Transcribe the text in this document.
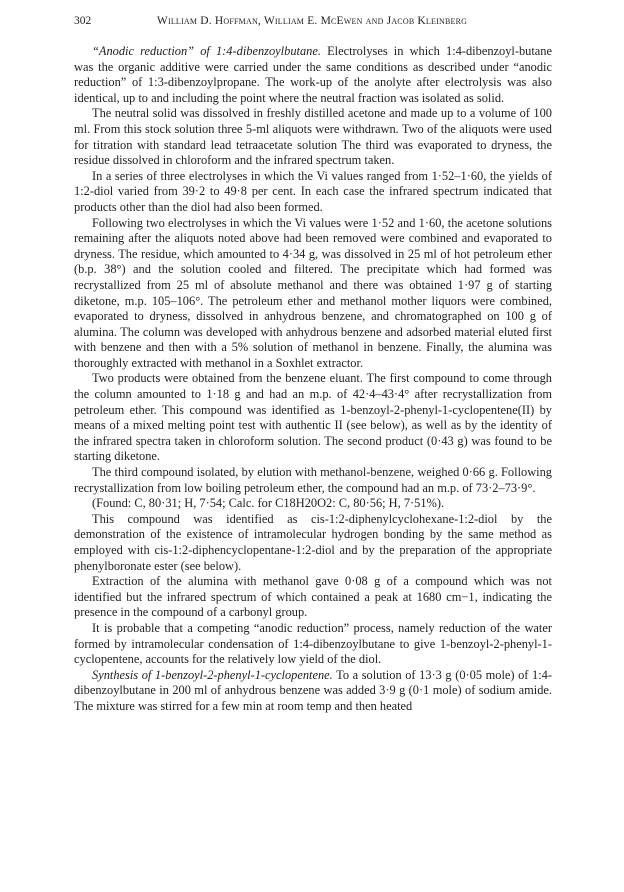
302	William D. Hoffman, William E. McEwen and Jacob Kleinberg

“Anodic reduction” of 1:4-dibenzoylbutane. Electrolyses in which 1:4-dibenzoyl-butane was the organic additive were carried under the same conditions as described under “anodic reduction” of 1:3-dibenzoylpropane. The work-up of the anolyte after electrolysis was also identical, up to and including the point where the neutral fraction was isolated as solid.

The neutral solid was dissolved in freshly distilled acetone and made up to a volume of 100 ml. From this stock solution three 5-ml aliquots were withdrawn. Two of the aliquots were used for titration with standard lead tetraacetate solution The third was evaporated to dryness, the residue dissolved in chloroform and the infrared spectrum taken.

In a series of three electrolyses in which the Vi values ranged from 1·52–1·60, the yields of 1:2-diol varied from 39·2 to 49·8 per cent. In each case the infrared spectrum indicated that products other than the diol had also been formed.

Following two electrolyses in which the Vi values were 1·52 and 1·60, the acetone solutions remaining after the aliquots noted above had been removed were combined and evaporated to dryness. The residue, which amounted to 4·34 g, was dissolved in 25 ml of hot petroleum ether (b.p. 38°) and the solution cooled and filtered. The precipitate which had formed was recrystallized from 25 ml of absolute methanol and there was obtained 1·97 g of starting diketone, m.p. 105–106°. The petroleum ether and methanol mother liquors were combined, evaporated to dryness, dissolved in anhydrous benzene, and chromatographed on 100 g of alumina. The column was developed with anhydrous benzene and adsorbed material eluted first with benzene and then with a 5% solution of methanol in benzene. Finally, the alumina was thoroughly extracted with methanol in a Soxhlet extractor.

Two products were obtained from the benzene eluant. The first compound to come through the column amounted to 1·18 g and had an m.p. of 42·4–43·4° after recrystallization from petroleum ether. This compound was identified as 1-benzoyl-2-phenyl-1-cyclopentene(II) by means of a mixed melting point test with authentic II (see below), as well as by the identity of the infrared spectra taken in chloroform solution. The second product (0·43 g) was found to be starting diketone.

The third compound isolated, by elution with methanol-benzene, weighed 0·66 g. Following recrystallization from low boiling petroleum ether, the compound had an m.p. of 73·2–73·9°.

(Found: C, 80·31; H, 7·54; Calc. for C18H20O2: C, 80·56; H, 7·51%).

This compound was identified as cis-1:2-diphenylcyclohexane-1:2-diol by the demonstration of the existence of intramolecular hydrogen bonding by the same method as employed with cis-1:2-diphencyclopentane-1:2-diol and by the preparation of the appropriate phenylboronate ester (see below).

Extraction of the alumina with methanol gave 0·08 g of a compound which was not identified but the infrared spectrum of which contained a peak at 1680 cm−1, indicating the presence in the compound of a carbonyl group.

It is probable that a competing “anodic reduction” process, namely reduction of the water formed by intramolecular condensation of 1:4-dibenzoylbutane to give 1-benzoyl-2-phenyl-1-cyclopentene, accounts for the relatively low yield of the diol.

Synthesis of 1-benzoyl-2-phenyl-1-cyclopentene. To a solution of 13·3 g (0·05 mole) of 1:4-dibenzoylbutane in 200 ml of anhydrous benzene was added 3·9 g (0·1 mole) of sodium amide. The mixture was stirred for a few min at room temp and then heated
